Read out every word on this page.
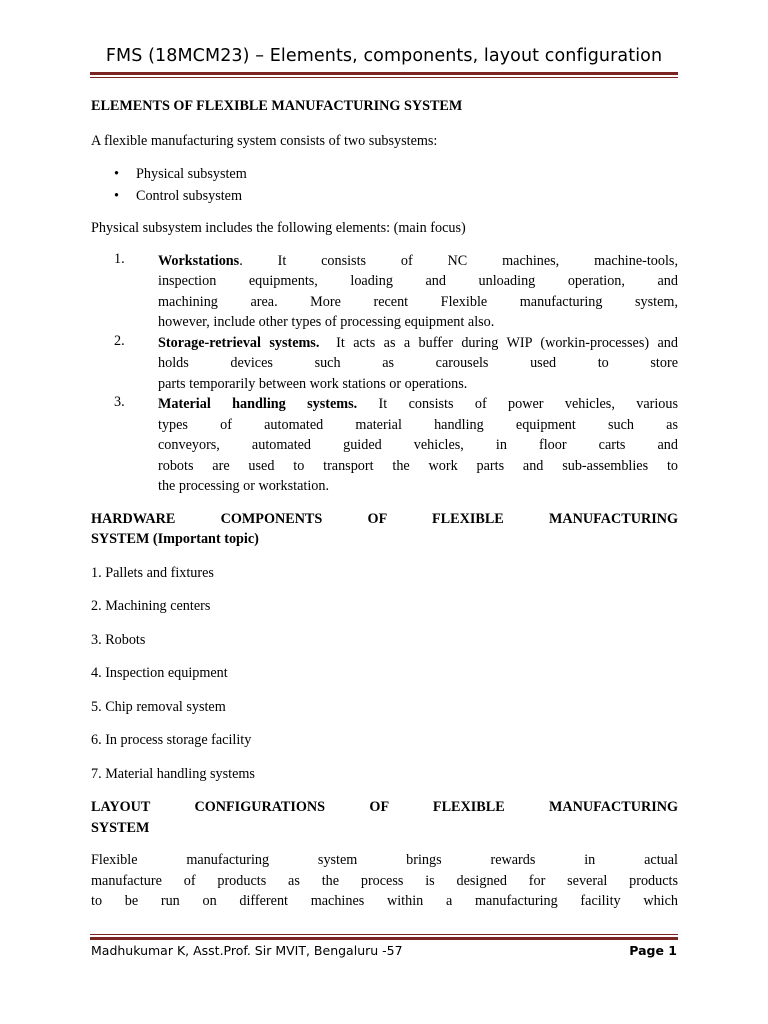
FMS (18MCM23) – Elements, components, layout configuration

ELEMENTS OF FLEXIBLE MANUFACTURING SYSTEM

A flexible manufacturing system consists of two subsystems:

• Physical subsystem
• Control subsystem

Physical subsystem includes the following elements: (main focus)

1. Workstations. It consists of NC machines, machine-tools,
inspection equipments, loading and unloading operation, and
machining area. More recent Flexible manufacturing system,
however, include other types of processing equipment also.
2. Storage-retrieval systems.  It acts as a buffer during WIP (workin-processes) and
holds devices such as carousels used to store
parts temporarily between work stations or operations.
3. Material handling systems. It consists of power vehicles, various
types of automated material handling equipment such as
conveyors, automated guided vehicles, in floor carts and
robots are used to transport the work parts and sub-assemblies to
the processing or workstation.

HARDWARE COMPONENTS OF FLEXIBLE MANUFACTURING

SYSTEM (Important topic)

1. Pallets and fixtures

2. Machining centers

3. Robots

4. Inspection equipment

5. Chip removal system

6. In process storage facility

7. Material handling systems

LAYOUT CONFIGURATIONS OF FLEXIBLE MANUFACTURING

SYSTEM

Flexible manufacturing system brings rewards in actual

manufacture of products as the process is designed for several products

to be run on different machines within a manufacturing facility which

Madhukumar K, Asst.Prof. Sir MVIT, Bengaluru -57	Page 1
